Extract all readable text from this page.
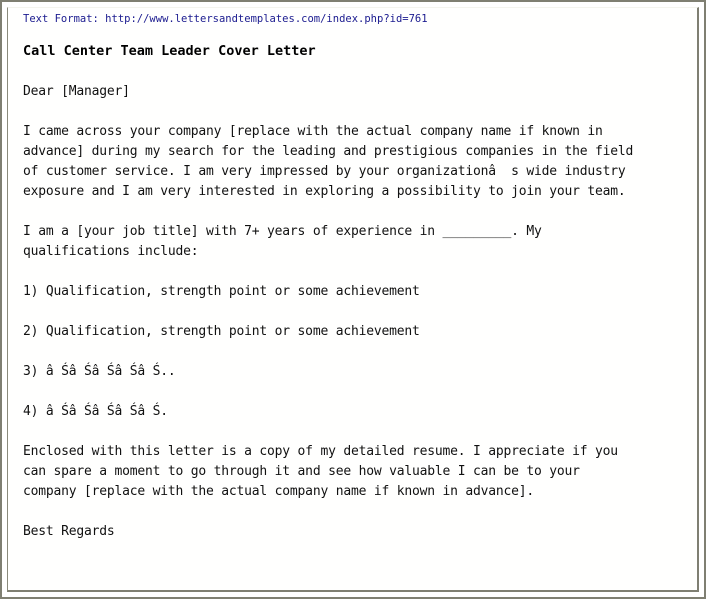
Text Format: http://www.lettersandtemplates.com/index.php?id=761
Call Center Team Leader Cover Letter
Dear [Manager]
I came across your company [replace with the actual company name if known in
advance] during my search for the leading and prestigious companies in the field
of customer service. I am very impressed by your organizationâ  s wide industry
exposure and I am very interested in exploring a possibility to join your team.
I am a [your job title] with 7+ years of experience in _________. My
qualifications include:
1) Qualification, strength point or some achievement
2) Qualification, strength point or some achievement
3) â Śâ Śâ Śâ Śâ Ś..
4) â Śâ Śâ Śâ Śâ Ś.
Enclosed with this letter is a copy of my detailed resume. I appreciate if you
can spare a moment to go through it and see how valuable I can be to your
company [replace with the actual company name if known in advance].
Best Regards
